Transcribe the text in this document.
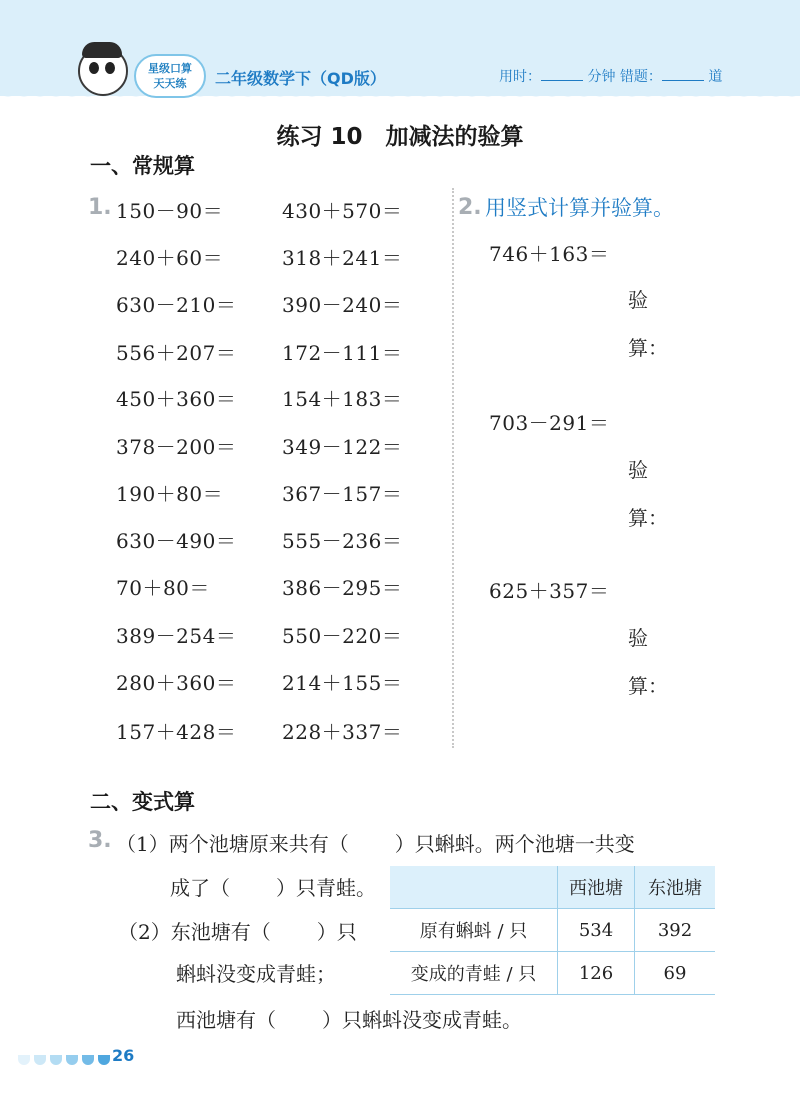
星级口算
天天练	二年级数学下（QD版）	用时：	分钟 错题：	道
练习 10　加减法的验算
一、常规算
1. 150－90＝
240＋60＝
630－210＝
556＋207＝
450＋360＝
378－200＝
190＋80＝
630－490＝
70＋80＝
389－254＝
280＋360＝
157＋428＝
430＋570＝
318＋241＝
390－240＝
172－111＝
154＋183＝
349－122＝
367－157＝
555－236＝
386－295＝
550－220＝
214＋155＝
228＋337＝
2. 用竖式计算并验算。
746＋163＝
验
算：
703－291＝
验
算：
625＋357＝
验
算：
二、变式算
3. （1）两个池塘原来共有（ ）只蝌蚪。两个池塘一共变
成了（ ）只青蛙。
（2）东池塘有（ ）只
蝌蚪没变成青蛙；
西池塘有（ ）只蝌蚪没变成青蛙。
	西池塘	东池塘
原有蝌蚪 / 只	534	392
变成的青蛙 / 只	126	69
26
